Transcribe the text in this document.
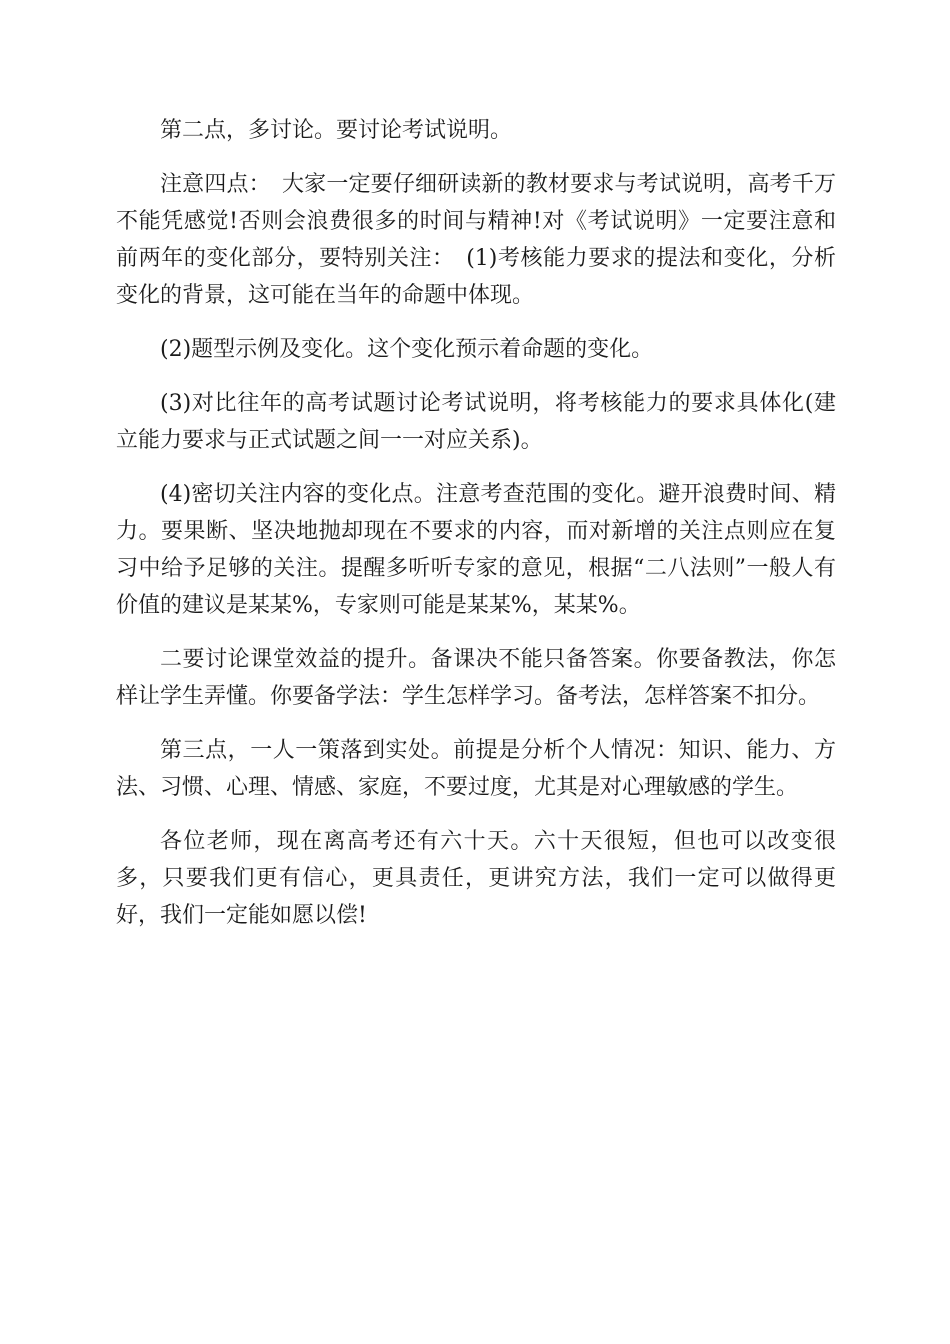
第二点，多讨论。要讨论考试说明。

注意四点：　大家一定要仔细研读新的教材要求与考试说明，高考千万不能凭感觉!否则会浪费很多的时间与精神!对《考试说明》一定要注意和前两年的变化部分，要特别关注：　(1)考核能力要求的提法和变化，分析变化的背景，这可能在当年的命题中体现。

(2)题型示例及变化。这个变化预示着命题的变化。

(3)对比往年的高考试题讨论考试说明，将考核能力的要求具体化(建立能力要求与正式试题之间一一对应关系)。

(4)密切关注内容的变化点。注意考查范围的变化。避开浪费时间、精力。要果断、坚决地抛却现在不要求的内容，而对新增的关注点则应在复习中给予足够的关注。提醒多听听专家的意见，根据“二八法则”一般人有价值的建议是某某%，专家则可能是某某%，某某%。

二要讨论课堂效益的提升。备课决不能只备答案。你要备教法，你怎样让学生弄懂。你要备学法：学生怎样学习。备考法，怎样答案不扣分。

第三点，一人一策落到实处。前提是分析个人情况：知识、能力、方法、习惯、心理、情感、家庭，不要过度，尤其是对心理敏感的学生。

各位老师，现在离高考还有六十天。六十天很短，但也可以改变很多，只要我们更有信心，更具责任，更讲究方法，我们一定可以做得更好，我们一定能如愿以偿!
